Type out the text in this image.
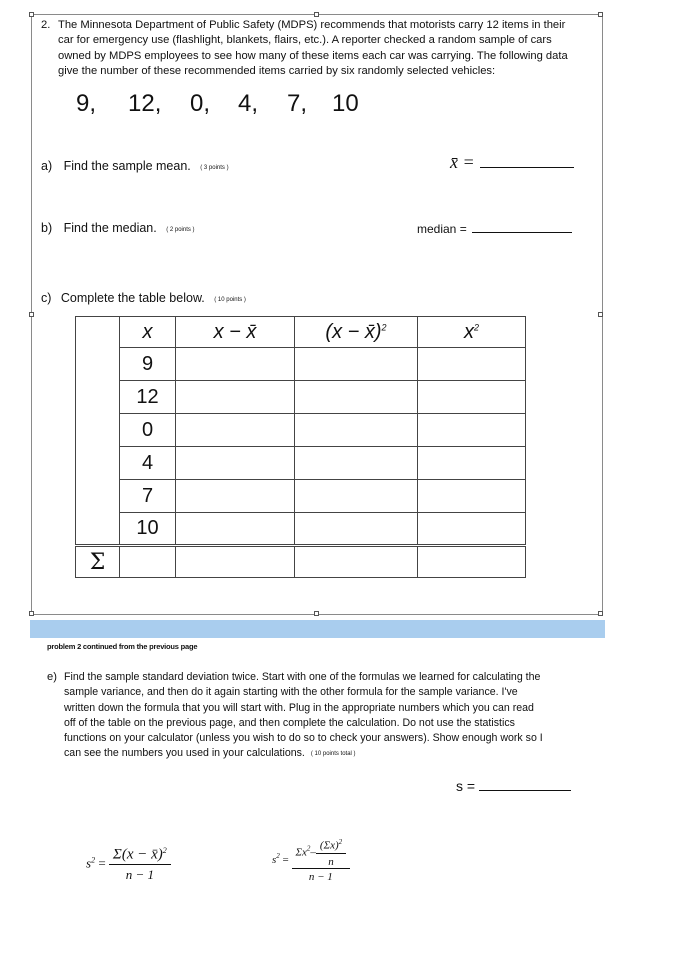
2. The Minnesota Department of Public Safety (MDPS) recommends that motorists carry 12 items in their
car for emergency use (flashlight, blankets, flairs, etc.). A reporter checked a random sample of cars
owned by MDPS employees to see how many of these items each car was carrying. The following data
give the number of these recommended items carried by six randomly selected vehicles:
9, 12, 0, 4, 7, 10
a) Find the sample mean. ( 3 points )	x̄ =
b) Find the median. ( 2 points )	median =
c) Complete the table below. ( 10 points )
	x	x − x̄	(x − x̄)$^2$	$x^2$
	9			
	12			
	0			
	4			
	7			
	10			
Σ				
problem 2 continued from the previous page
e) Find the sample standard deviation twice. Start with one of the formulas we learned for calculating the
sample variance, and then do it again starting with the other formula for the sample variance. I've
written down the formula that you will start with. Plug in the appropriate numbers which you can read
off of the table on the previous page, and then complete the calculation. Do not use the statistics
functions on your calculator (unless you wish to do so to check your answers). Show enough work so I
can see the numbers you used in your calculations. ( 10 points total )
s =
$s^2 = \frac{\Sigma(x - x̄)^2}{n - 1}$	$s^2 = \frac{\Sigma x^2- \frac{(\Sigma x)^2}{n}}{n - 1}$
